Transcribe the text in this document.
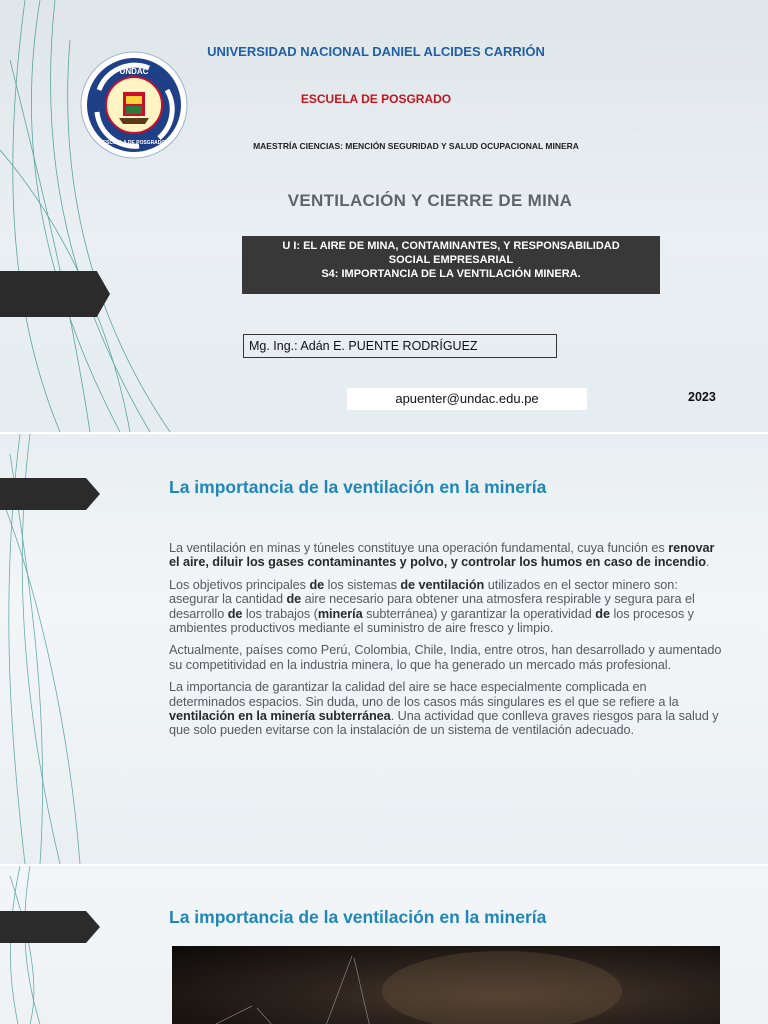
UNDAC
ESCUELA DE POSGRADO
UNIVERSIDAD NACIONAL DANIEL ALCIDES CARRIÓN
ESCUELA DE POSGRADO
MAESTRÍA CIENCIAS: MENCIÓN SEGURIDAD Y SALUD OCUPACIONAL MINERA
VENTILACIÓN Y CIERRE DE MINA
U I: EL AIRE DE MINA, CONTAMINANTES, Y RESPONSABILIDAD
SOCIAL EMPRESARIAL
S4: IMPORTANCIA DE LA VENTILACIÓN MINERA.
Mg. Ing.: Adán E. PUENTE RODRÍGUEZ
apuenter@undac.edu.pe	2023
La importancia de la ventilación en la minería

La ventilación en minas y túneles constituye una operación fundamental, cuya función es renovar el aire, diluir los gases contaminantes y polvo, y controlar los humos en caso de incendio.

Los objetivos principales de los sistemas de ventilación utilizados en el sector minero son: asegurar la cantidad de aire necesario para obtener una atmosfera respirable y segura para el desarrollo de los trabajos (minería subterránea) y garantizar la operatividad de los procesos y ambientes productivos mediante el suministro de aire fresco y limpio.

Actualmente, países como Perú, Colombia, Chile, India, entre otros, han desarrollado y aumentado su competitividad en la industria minera, lo que ha generado un mercado más profesional.

La importancia de garantizar la calidad del aire se hace especialmente complicada en determinados espacios. Sin duda, uno de los casos más singulares es el que se refiere a la ventilación en la minería subterránea. Una actividad que conlleva graves riesgos para la salud y que solo pueden evitarse con la instalación de un sistema de ventilación adecuado.

La importancia de la ventilación en la minería
